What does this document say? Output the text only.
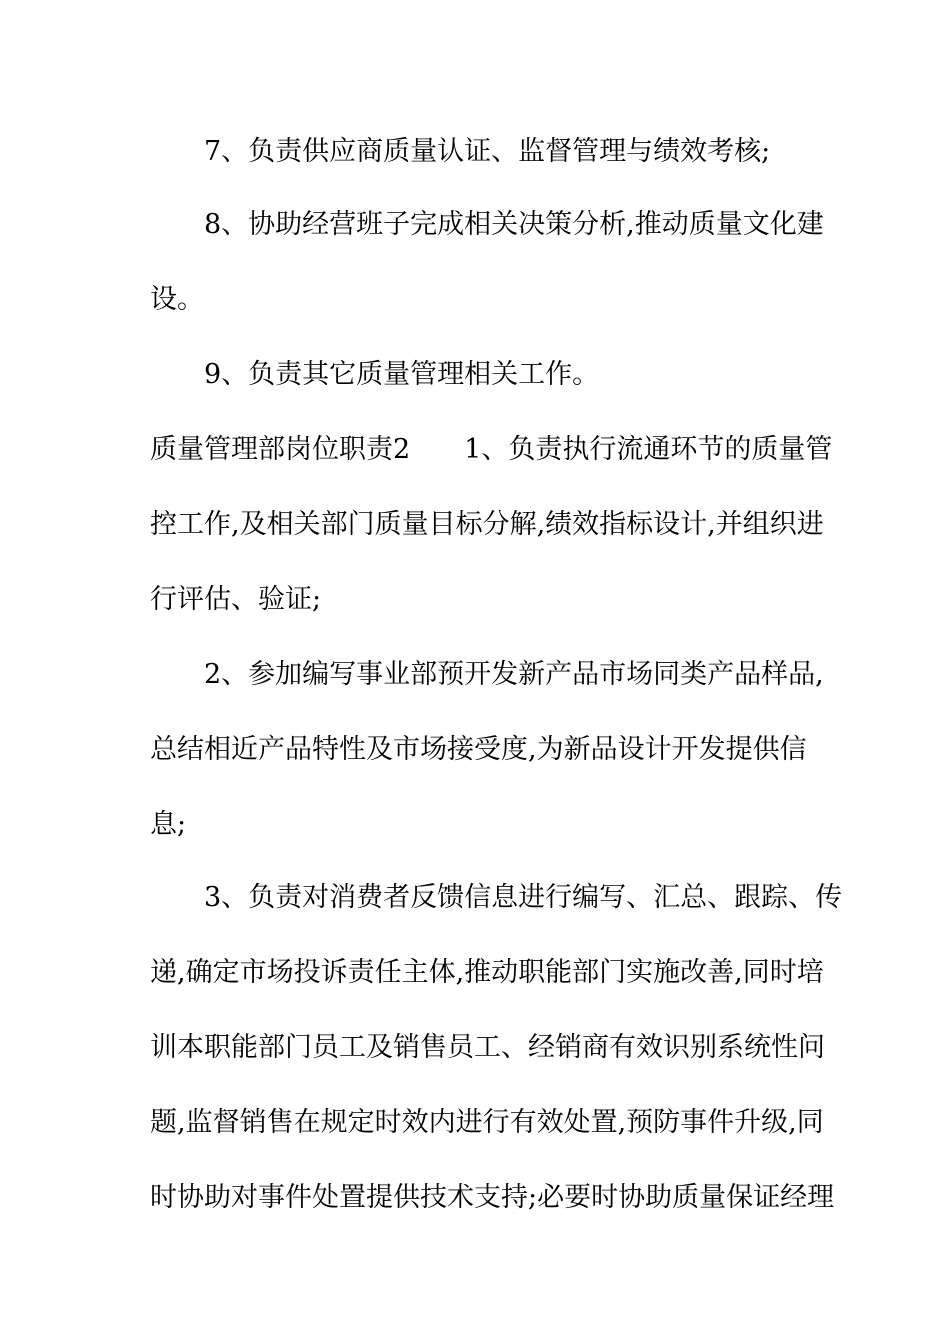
7、负责供应商质量认证、监督管理与绩效考核;
8、协助经营班子完成相关决策分析,推动质量文化建
设。
9、负责其它质量管理相关工作。
质量管理部岗位职责2　　1、负责执行流通环节的质量管
控工作,及相关部门质量目标分解,绩效指标设计,并组织进
行评估、验证;
2、参加编写事业部预开发新产品市场同类产品样品,
总结相近产品特性及市场接受度,为新品设计开发提供信
息;
3、负责对消费者反馈信息进行编写、汇总、跟踪、传
递,确定市场投诉责任主体,推动职能部门实施改善,同时培
训本职能部门员工及销售员工、经销商有效识别系统性问
题,监督销售在规定时效内进行有效处置,预防事件升级,同
时协助对事件处置提供技术支持;必要时协助质量保证经理
